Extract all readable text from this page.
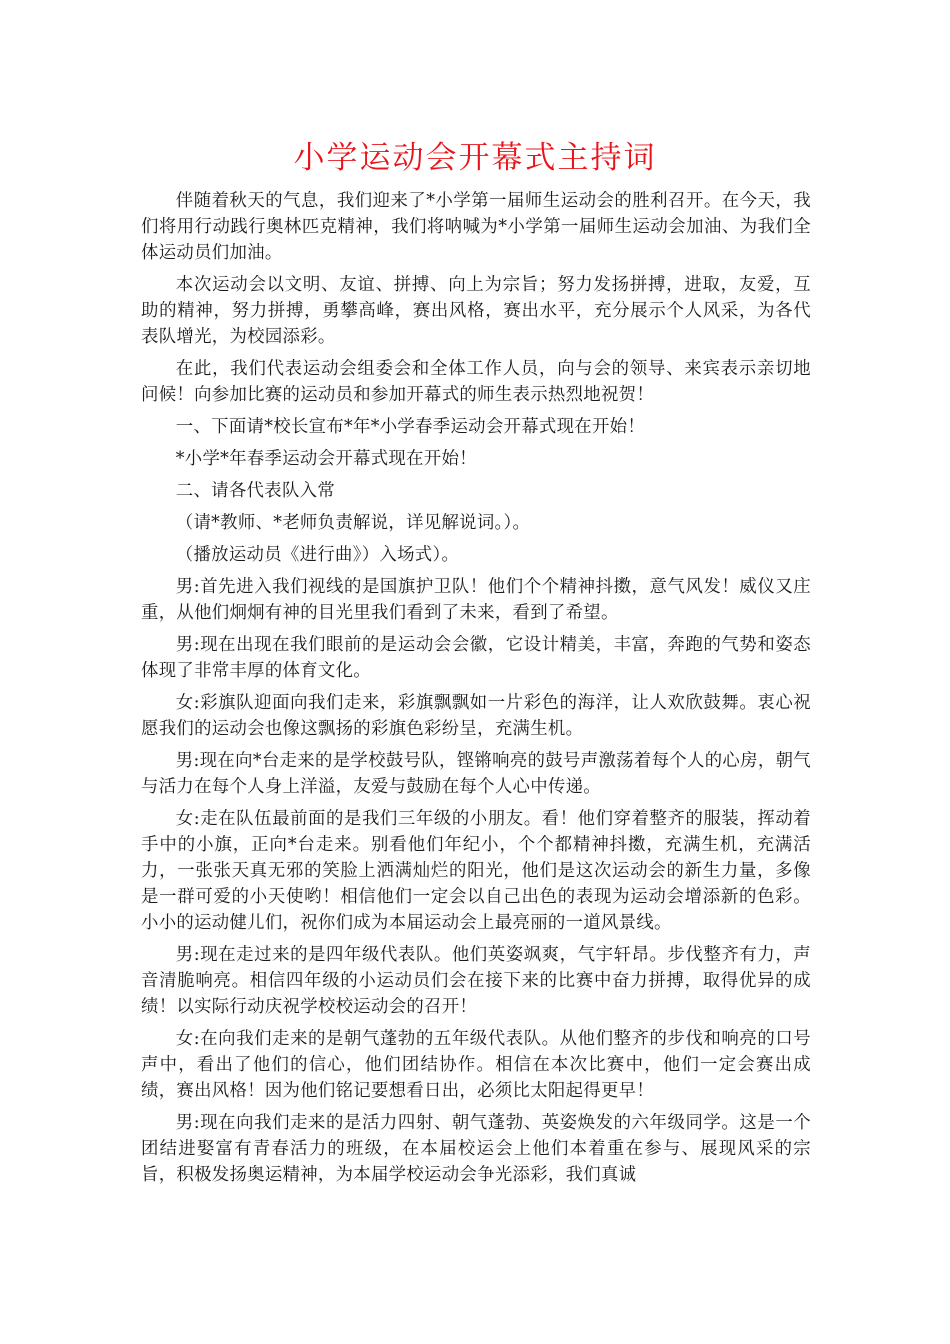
小学运动会开幕式主持词

伴随着秋天的气息，我们迎来了*小学第一届师生运动会的胜利召开。在今天，我们将用行动践行奥林匹克精神，我们将呐喊为*小学第一届师生运动会加油、为我们全体运动员们加油。

本次运动会以文明、友谊、拼搏、向上为宗旨；努力发扬拼搏，进取，友爱，互助的精神，努力拼搏，勇攀高峰，赛出风格，赛出水平，充分展示个人风采，为各代表队增光，为校园添彩。

在此，我们代表运动会组委会和全体工作人员，向与会的领导、来宾表示亲切地问候！向参加比赛的运动员和参加开幕式的师生表示热烈地祝贺！

一、下面请*校长宣布*年*小学春季运动会开幕式现在开始！

*小学*年春季运动会开幕式现在开始！

二、请各代表队入常

（请*教师、*老师负责解说，详见解说词。）。

（播放运动员《进行曲》）入场式）。

男:首先进入我们视线的是国旗护卫队！他们个个精神抖擞，意气风发！威仪又庄重，从他们炯炯有神的目光里我们看到了未来，看到了希望。

男:现在出现在我们眼前的是运动会会徽，它设计精美，丰富，奔跑的气势和姿态体现了非常丰厚的体育文化。

女:彩旗队迎面向我们走来，彩旗飘飘如一片彩色的海洋，让人欢欣鼓舞。衷心祝愿我们的运动会也像这飘扬的彩旗色彩纷呈，充满生机。

男:现在向*台走来的是学校鼓号队，铿锵响亮的鼓号声激荡着每个人的心房，朝气与活力在每个人身上洋溢，友爱与鼓励在每个人心中传递。

女:走在队伍最前面的是我们三年级的小朋友。看！他们穿着整齐的服装，挥动着手中的小旗，正向*台走来。别看他们年纪小，个个都精神抖擞，充满生机，充满活力，一张张天真无邪的笑脸上洒满灿烂的阳光，他们是这次运动会的新生力量，多像是一群可爱的小天使哟！相信他们一定会以自己出色的表现为运动会增添新的色彩。小小的运动健儿们，祝你们成为本届运动会上最亮丽的一道风景线。

男:现在走过来的是四年级代表队。他们英姿飒爽，气宇轩昂。步伐整齐有力，声音清脆响亮。相信四年级的小运动员们会在接下来的比赛中奋力拼搏，取得优异的成绩！以实际行动庆祝学校校运动会的召开！

女:在向我们走来的是朝气蓬勃的五年级代表队。从他们整齐的步伐和响亮的口号声中，看出了他们的信心，他们团结协作。相信在本次比赛中，他们一定会赛出成绩，赛出风格！因为他们铭记要想看日出，必须比太阳起得更早！

男:现在向我们走来的是活力四射、朝气蓬勃、英姿焕发的六年级同学。这是一个团结进娶富有青春活力的班级，在本届校运会上他们本着重在参与、展现风采的宗旨，积极发扬奥运精神，为本届学校运动会争光添彩，我们真诚
